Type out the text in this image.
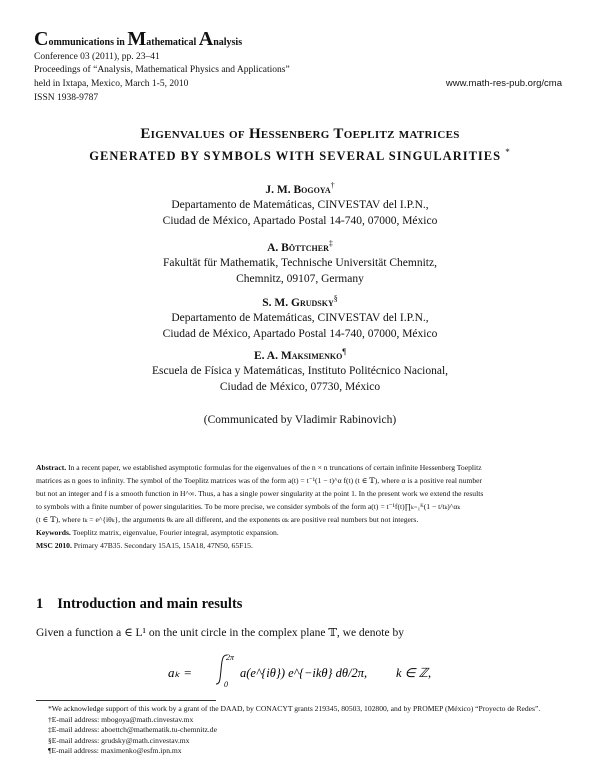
Communications in Mathematical Analysis
Conference 03 (2011), pp. 23–41
Proceedings of “Analysis, Mathematical Physics and Applications”
held in Ixtapa, Mexico, March 1-5, 2010
ISSN 1938-9787
www.math-res-pub.org/cma
Eigenvalues of Hessenberg Toeplitz matrices
GENERATED BY SYMBOLS WITH SEVERAL SINGULARITIES *
J. M. Bogoya†
Departamento de Matemáticas, CINVESTAV del I.P.N.,
Ciudad de México, Apartado Postal 14-740, 07000, México
A. Böttcher‡
Fakultät für Mathematik, Technische Universität Chemnitz,
Chemnitz, 09107, Germany
S. M. Grudsky§
Departamento de Matemáticas, CINVESTAV del I.P.N.,
Ciudad de México, Apartado Postal 14-740, 07000, México
E. A. Maksimenko¶
Escuela de Física y Matemáticas, Instituto Politécnico Nacional,
Ciudad de México, 07730, México
(Communicated by Vladimir Rabinovich)
Abstract. In a recent paper, we established asymptotic formulas for the eigenvalues of the n × n truncations of certain infinite Hessenberg Toeplitz
matrices as n goes to infinity. The symbol of the Toeplitz matrices was of the form a(t) = t⁻¹(1 − t)^α f(t) (t ∈ 𝕋), where α is a positive real number
but not an integer and f is a smooth function in H^∞. Thus, a has a single power singularity at the point 1. In the present work we extend the results
to symbols with a finite number of power singularities. To be more precise, we consider symbols of the form a(t) = t⁻¹f(t)∏ₖ₌₁ᴷ(1 − t/tₖ)^αₖ
(t ∈ 𝕋), where tₖ = e^{iθₖ}, the arguments θₖ are all different, and the exponents αₖ are positive real numbers but not integers.
Keywords. Toeplitz matrix, eigenvalue, Fourier integral, asymptotic expansion.
MSC 2010. Primary 47B35. Secondary 15A15, 15A18, 47N50, 65F15.
1 Introduction and main results
Given a function a ∈ L¹ on the unit circle in the complex plane 𝕋, we denote by
aₖ =
2π
0
a(e^{iθ}) e^{−ikθ} dθ/2π, k ∈ ℤ,

*We acknowledge support of this work by a grant of the DAAD, by CONACYT grants 219345, 80503, 102800, and by PROMEP (México) “Proyecto de Redes”.

†E-mail address: mbogoya@math.cinvestav.mx

‡E-mail address: aboettch@mathematik.tu-chemnitz.de

§E-mail address: grudsky@math.cinvestav.mx

¶E-mail address: maximenko@esfm.ipn.mx
